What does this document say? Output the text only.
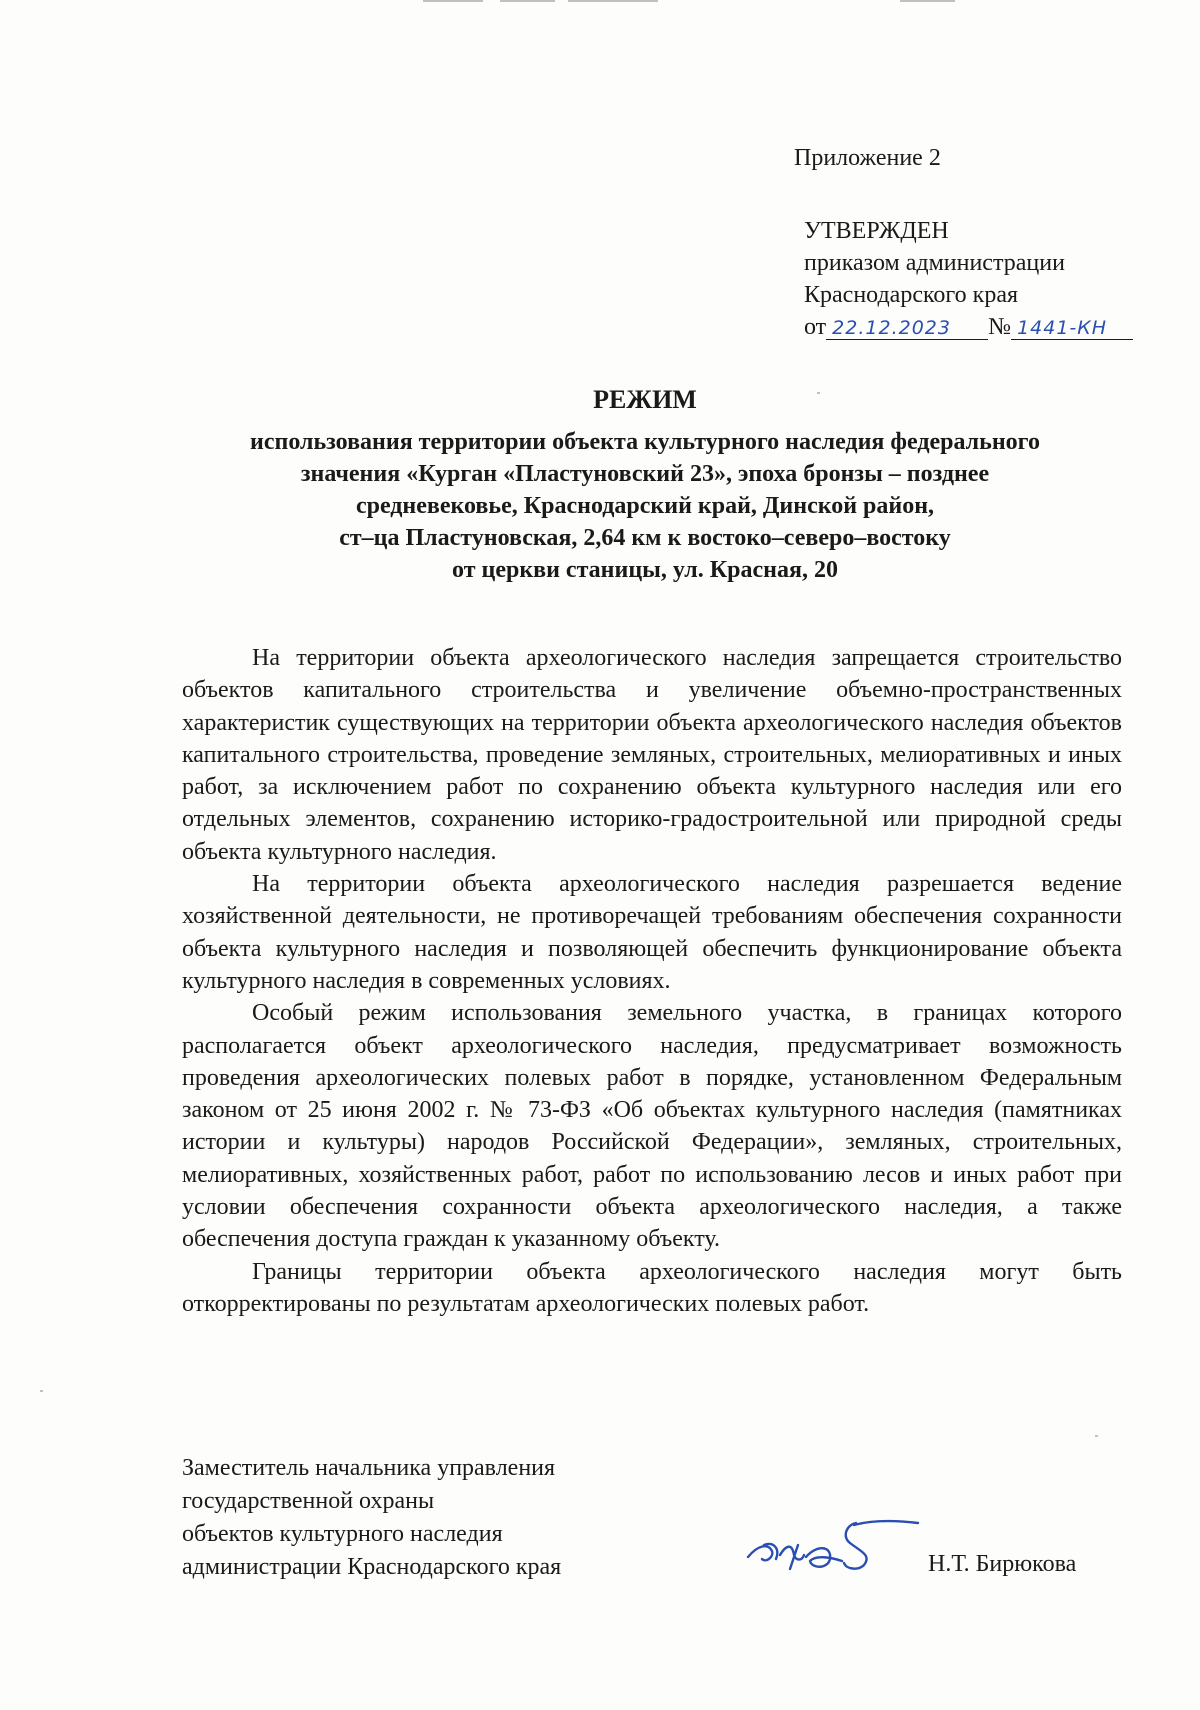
Приложение 2
УТВЕРЖДЕН
приказом администрации
Краснодарского края
от 22.12.2023 № 1441-КН
РЕЖИМ
использования территории объекта культурного наследия федерального
значения «Курган «Пластуновский 23», эпоха бронзы – позднее
средневековье, Краснодарский край, Динской район,
ст–ца Пластуновская, 2,64 км к востоко–северо–востоку
от церкви станицы, ул. Красная, 20

На территории объекта археологического наследия запрещается строительство объектов капитального строительства и увеличение объемно-пространственных характеристик существующих на территории объекта археологического наследия объектов капитального строительства, проведение земляных, строительных, мелиоративных и иных работ, за исключением работ по сохранению объекта культурного наследия или его отдельных элементов, сохранению историко-градостроительной или природной среды объекта культурного наследия.

На территории объекта археологического наследия разрешается ведение хозяйственной деятельности, не противоречащей требованиям обеспечения сохранности объекта культурного наследия и позволяющей обеспечить функционирование объекта культурного наследия в современных условиях.

Особый режим использования земельного участка, в границах которого располагается объект археологического наследия, предусматривает возможность проведения археологических полевых работ в порядке, установленном Федеральным законом от 25 июня 2002 г. № 73-ФЗ «Об объектах культурного наследия (памятниках истории и культуры) народов Российской Федерации», земляных, строительных, мелиоративных, хозяйственных работ, работ по использованию лесов и иных работ при условии обеспечения сохранности объекта археологического наследия, а также обеспечения доступа граждан к указанному объекту.

Границы территории объекта археологического наследия могут быть откорректированы по результатам археологических полевых работ.

Заместитель начальника управления
государственной охраны
объектов культурного наследия
администрации Краснодарского края	Н.Т. Бирюкова
